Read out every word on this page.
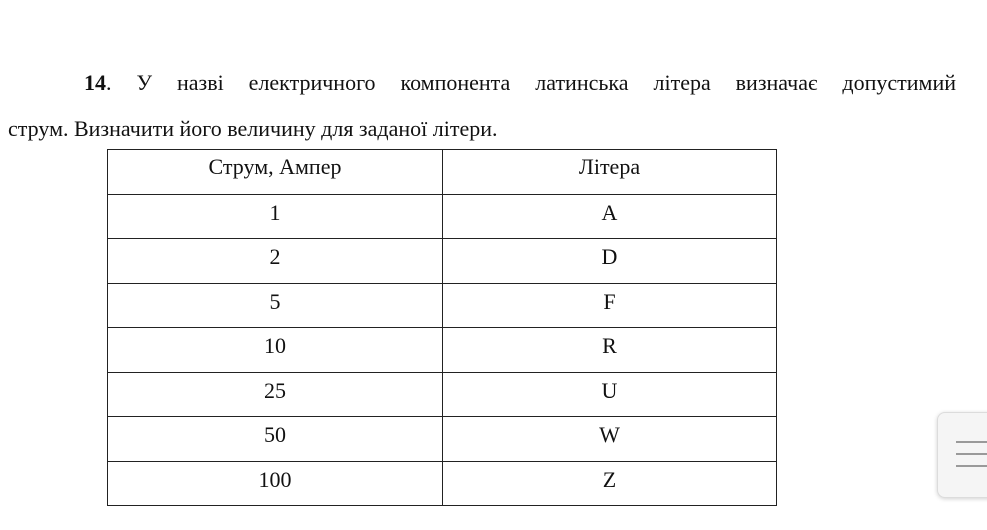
14. У назві електричного компонента латинська літера визначає допустимий
струм. Визначити його величину для заданої літери.

Струм, Ампер	Літера
1	A
2	D
5	F
10	R
25	U
50	W
100	Z
